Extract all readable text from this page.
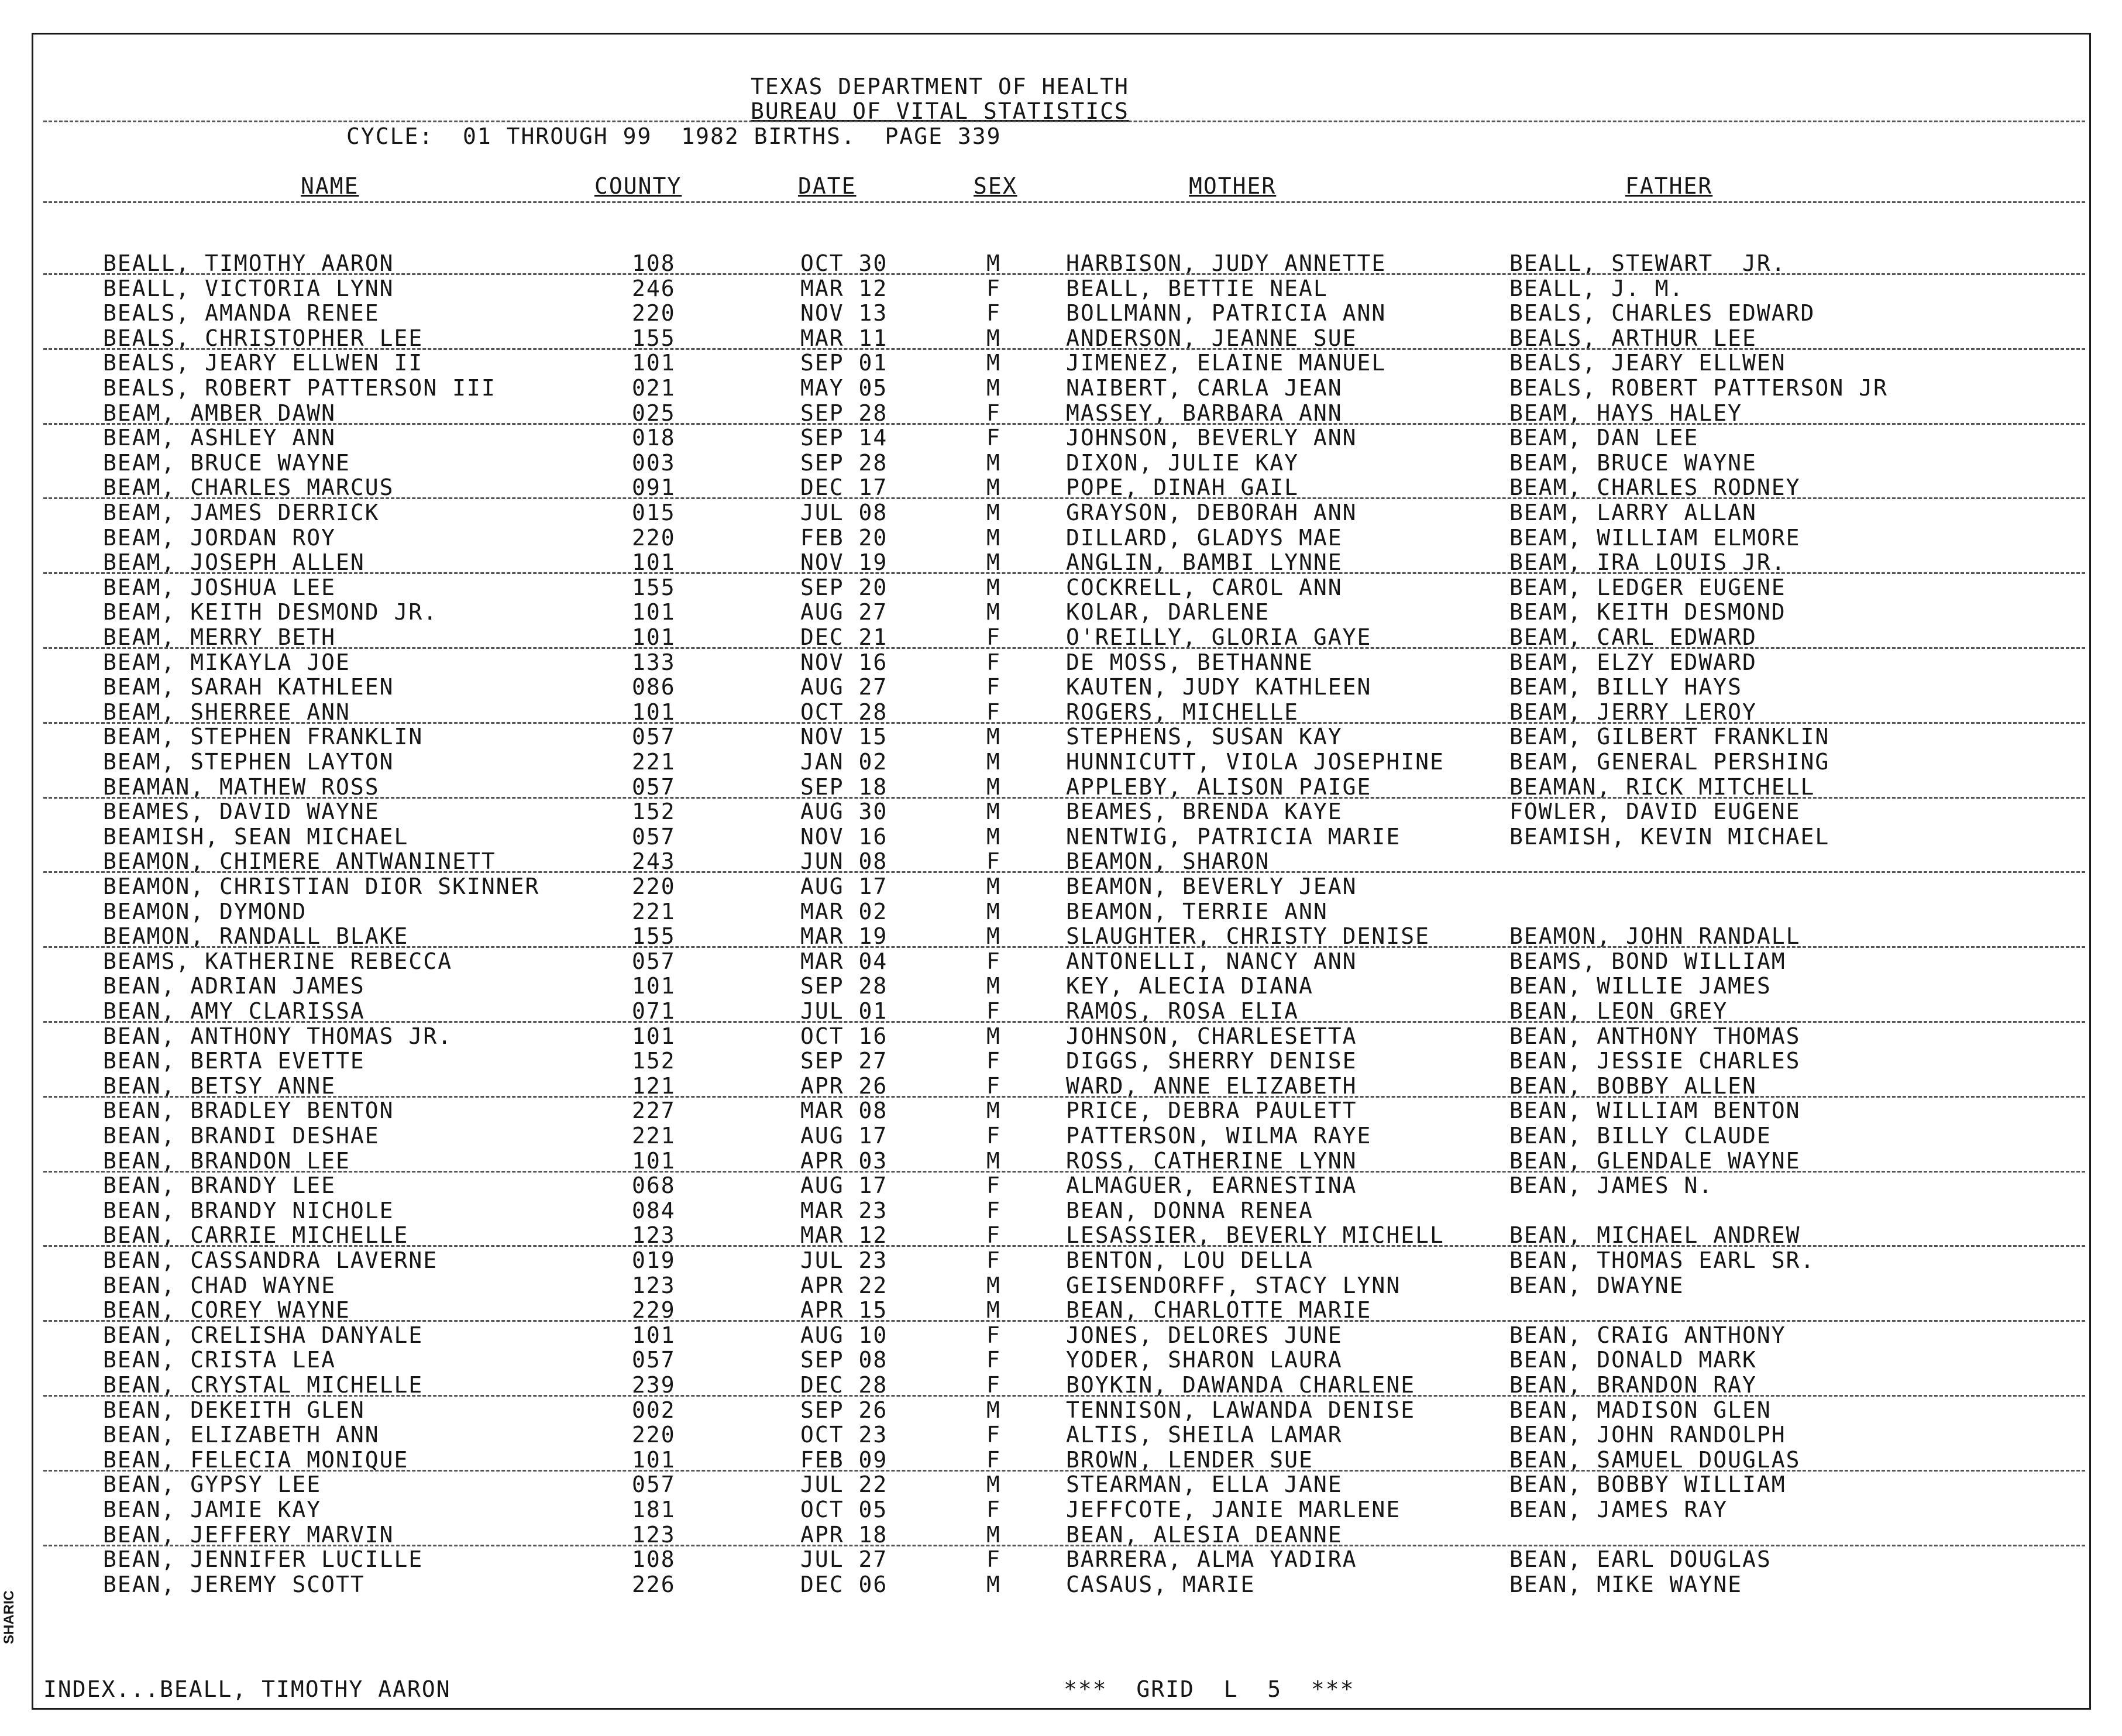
SHARIC
TEXAS DEPARTMENT OF HEALTH
BUREAU OF VITAL STATISTICS
CYCLE:  01 THROUGH 99  1982 BIRTHS.  PAGE 339
NAME	COUNTY	DATE	SEX	MOTHER	FATHER
BEALL, TIMOTHY AARON	108	OCT 30	M	HARBISON, JUDY ANNETTE	BEALL, STEWART  JR.
BEALL, VICTORIA LYNN	246	MAR 12	F	BEALL, BETTIE NEAL	BEALL, J. M.
BEALS, AMANDA RENEE	220	NOV 13	F	BOLLMANN, PATRICIA ANN	BEALS, CHARLES EDWARD
BEALS, CHRISTOPHER LEE	155	MAR 11	M	ANDERSON, JEANNE SUE	BEALS, ARTHUR LEE
BEALS, JEARY ELLWEN II	101	SEP 01	M	JIMENEZ, ELAINE MANUEL	BEALS, JEARY ELLWEN
BEALS, ROBERT PATTERSON III	021	MAY 05	M	NAIBERT, CARLA JEAN	BEALS, ROBERT PATTERSON JR
BEAM, AMBER DAWN	025	SEP 28	F	MASSEY, BARBARA ANN	BEAM, HAYS HALEY
BEAM, ASHLEY ANN	018	SEP 14	F	JOHNSON, BEVERLY ANN	BEAM, DAN LEE
BEAM, BRUCE WAYNE	003	SEP 28	M	DIXON, JULIE KAY	BEAM, BRUCE WAYNE
BEAM, CHARLES MARCUS	091	DEC 17	M	POPE, DINAH GAIL	BEAM, CHARLES RODNEY
BEAM, JAMES DERRICK	015	JUL 08	M	GRAYSON, DEBORAH ANN	BEAM, LARRY ALLAN
BEAM, JORDAN ROY	220	FEB 20	M	DILLARD, GLADYS MAE	BEAM, WILLIAM ELMORE
BEAM, JOSEPH ALLEN	101	NOV 19	M	ANGLIN, BAMBI LYNNE	BEAM, IRA LOUIS JR.
BEAM, JOSHUA LEE	155	SEP 20	M	COCKRELL, CAROL ANN	BEAM, LEDGER EUGENE
BEAM, KEITH DESMOND JR.	101	AUG 27	M	KOLAR, DARLENE	BEAM, KEITH DESMOND
BEAM, MERRY BETH	101	DEC 21	F	O'REILLY, GLORIA GAYE	BEAM, CARL EDWARD
BEAM, MIKAYLA JOE	133	NOV 16	F	DE MOSS, BETHANNE	BEAM, ELZY EDWARD
BEAM, SARAH KATHLEEN	086	AUG 27	F	KAUTEN, JUDY KATHLEEN	BEAM, BILLY HAYS
BEAM, SHERREE ANN	101	OCT 28	F	ROGERS, MICHELLE	BEAM, JERRY LEROY
BEAM, STEPHEN FRANKLIN	057	NOV 15	M	STEPHENS, SUSAN KAY	BEAM, GILBERT FRANKLIN
BEAM, STEPHEN LAYTON	221	JAN 02	M	HUNNICUTT, VIOLA JOSEPHINE	BEAM, GENERAL PERSHING
BEAMAN, MATHEW ROSS	057	SEP 18	M	APPLEBY, ALISON PAIGE	BEAMAN, RICK MITCHELL
BEAMES, DAVID WAYNE	152	AUG 30	M	BEAMES, BRENDA KAYE	FOWLER, DAVID EUGENE
BEAMISH, SEAN MICHAEL	057	NOV 16	M	NENTWIG, PATRICIA MARIE	BEAMISH, KEVIN MICHAEL
BEAMON, CHIMERE ANTWANINETT	243	JUN 08	F	BEAMON, SHARON
BEAMON, CHRISTIAN DIOR SKINNER	220	AUG 17	M	BEAMON, BEVERLY JEAN
BEAMON, DYMOND	221	MAR 02	M	BEAMON, TERRIE ANN
BEAMON, RANDALL BLAKE	155	MAR 19	M	SLAUGHTER, CHRISTY DENISE	BEAMON, JOHN RANDALL
BEAMS, KATHERINE REBECCA	057	MAR 04	F	ANTONELLI, NANCY ANN	BEAMS, BOND WILLIAM
BEAN, ADRIAN JAMES	101	SEP 28	M	KEY, ALECIA DIANA	BEAN, WILLIE JAMES
BEAN, AMY CLARISSA	071	JUL 01	F	RAMOS, ROSA ELIA	BEAN, LEON GREY
BEAN, ANTHONY THOMAS JR.	101	OCT 16	M	JOHNSON, CHARLESETTA	BEAN, ANTHONY THOMAS
BEAN, BERTA EVETTE	152	SEP 27	F	DIGGS, SHERRY DENISE	BEAN, JESSIE CHARLES
BEAN, BETSY ANNE	121	APR 26	F	WARD, ANNE ELIZABETH	BEAN, BOBBY ALLEN
BEAN, BRADLEY BENTON	227	MAR 08	M	PRICE, DEBRA PAULETT	BEAN, WILLIAM BENTON
BEAN, BRANDI DESHAE	221	AUG 17	F	PATTERSON, WILMA RAYE	BEAN, BILLY CLAUDE
BEAN, BRANDON LEE	101	APR 03	M	ROSS, CATHERINE LYNN	BEAN, GLENDALE WAYNE
BEAN, BRANDY LEE	068	AUG 17	F	ALMAGUER, EARNESTINA	BEAN, JAMES N.
BEAN, BRANDY NICHOLE	084	MAR 23	F	BEAN, DONNA RENEA
BEAN, CARRIE MICHELLE	123	MAR 12	F	LESASSIER, BEVERLY MICHELL	BEAN, MICHAEL ANDREW
BEAN, CASSANDRA LAVERNE	019	JUL 23	F	BENTON, LOU DELLA	BEAN, THOMAS EARL SR.
BEAN, CHAD WAYNE	123	APR 22	M	GEISENDORFF, STACY LYNN	BEAN, DWAYNE
BEAN, COREY WAYNE	229	APR 15	M	BEAN, CHARLOTTE MARIE
BEAN, CRELISHA DANYALE	101	AUG 10	F	JONES, DELORES JUNE	BEAN, CRAIG ANTHONY
BEAN, CRISTA LEA	057	SEP 08	F	YODER, SHARON LAURA	BEAN, DONALD MARK
BEAN, CRYSTAL MICHELLE	239	DEC 28	F	BOYKIN, DAWANDA CHARLENE	BEAN, BRANDON RAY
BEAN, DEKEITH GLEN	002	SEP 26	M	TENNISON, LAWANDA DENISE	BEAN, MADISON GLEN
BEAN, ELIZABETH ANN	220	OCT 23	F	ALTIS, SHEILA LAMAR	BEAN, JOHN RANDOLPH
BEAN, FELECIA MONIQUE	101	FEB 09	F	BROWN, LENDER SUE	BEAN, SAMUEL DOUGLAS
BEAN, GYPSY LEE	057	JUL 22	M	STEARMAN, ELLA JANE	BEAN, BOBBY WILLIAM
BEAN, JAMIE KAY	181	OCT 05	F	JEFFCOTE, JANIE MARLENE	BEAN, JAMES RAY
BEAN, JEFFERY MARVIN	123	APR 18	M	BEAN, ALESIA DEANNE
BEAN, JENNIFER LUCILLE	108	JUL 27	F	BARRERA, ALMA YADIRA	BEAN, EARL DOUGLAS
BEAN, JEREMY SCOTT	226	DEC 06	M	CASAUS, MARIE	BEAN, MIKE WAYNE
INDEX...BEALL, TIMOTHY AARON	***  GRID  L  5  ***
